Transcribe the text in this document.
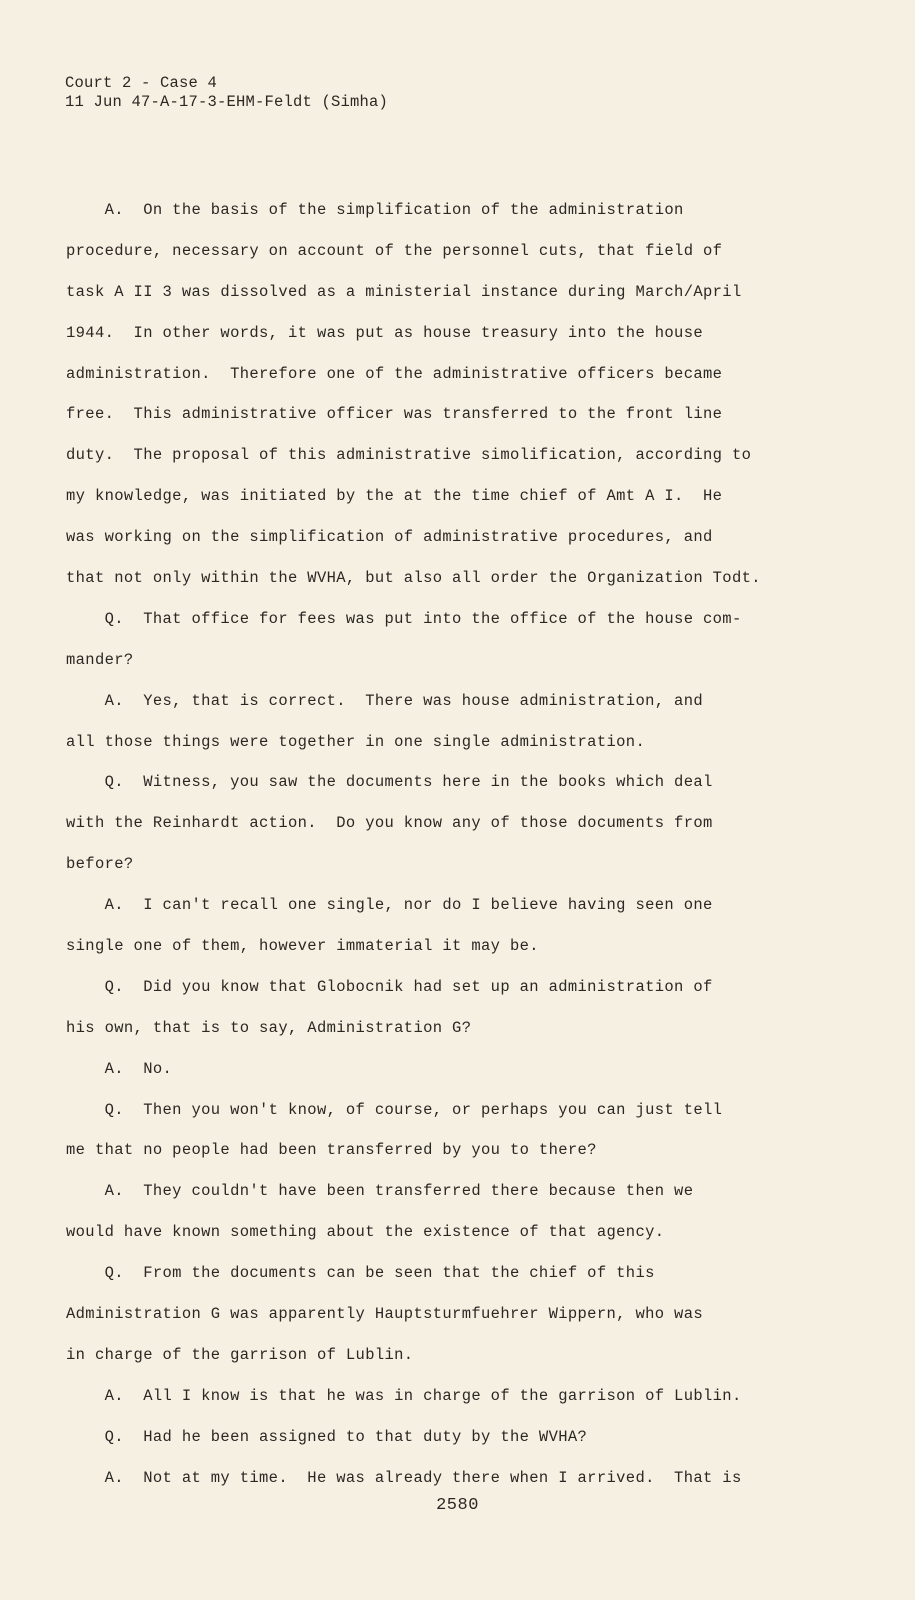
Court 2 - Case 4
11 Jun 47-A-17-3-EHM-Feldt (Simha)
A.  On the basis of the simplification of the administration
procedure, necessary on account of the personnel cuts, that field of
task A II 3 was dissolved as a ministerial instance during March/April
1944.  In other words, it was put as house treasury into the house
administration.  Therefore one of the administrative officers became
free.  This administrative officer was transferred to the front line
duty.  The proposal of this administrative simolification, according to
my knowledge, was initiated by the at the time chief of Amt A I.  He
was working on the simplification of administrative procedures, and
that not only within the WVHA, but also all order the Organization Todt.
Q.  That office for fees was put into the office of the house com-
mander?
A.  Yes, that is correct.  There was house administration, and
all those things were together in one single administration.
Q.  Witness, you saw the documents here in the books which deal
with the Reinhardt action.  Do you know any of those documents from
before?
A.  I can't recall one single, nor do I believe having seen one
single one of them, however immaterial it may be.
Q.  Did you know that Globocnik had set up an administration of
his own, that is to say, Administration G?
A.  No.
Q.  Then you won't know, of course, or perhaps you can just tell
me that no people had been transferred by you to there?
A.  They couldn't have been transferred there because then we
would have known something about the existence of that agency.
Q.  From the documents can be seen that the chief of this
Administration G was apparently Hauptsturmfuehrer Wippern, who was
in charge of the garrison of Lublin.
A.  All I know is that he was in charge of the garrison of Lublin.
Q.  Had he been assigned to that duty by the WVHA?
A.  Not at my time.  He was already there when I arrived.  That is
2580
